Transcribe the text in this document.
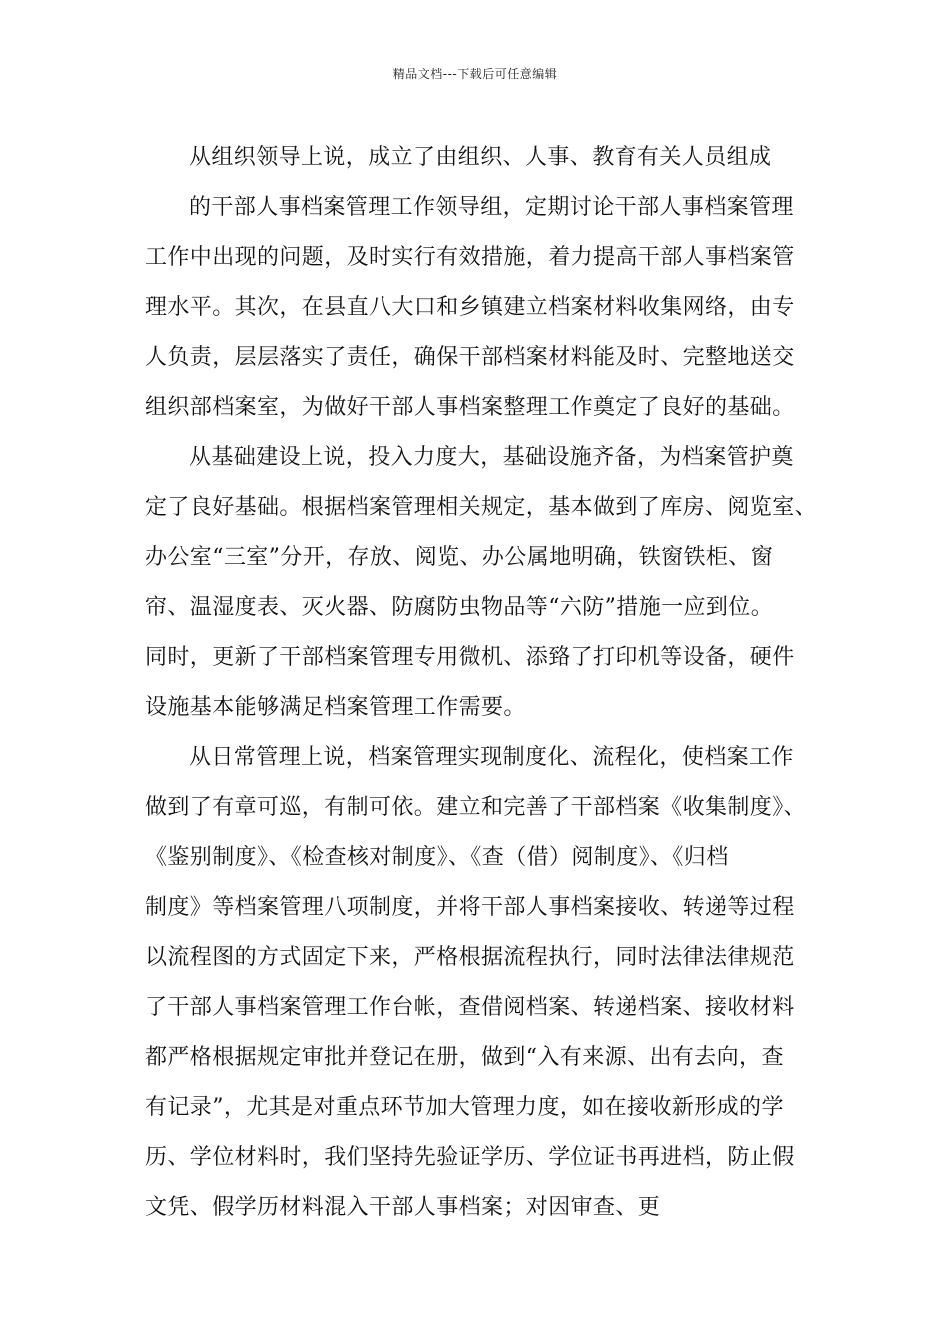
精品文档---下载后可任意编辑
从组织领导上说，成立了由组织、人事、教育有关人员组成
的干部人事档案管理工作领导组，定期讨论干部人事档案管理
工作中出现的问题，及时实行有效措施，着力提高干部人事档案管
理水平。其次，在县直八大口和乡镇建立档案材料收集网络，由专
人负责，层层落实了责任，确保干部档案材料能及时、完整地送交
组织部档案室，为做好干部人事档案整理工作奠定了良好的基础。
从基础建设上说，投入力度大，基础设施齐备，为档案管护奠
定了良好基础。根据档案管理相关规定，基本做到了库房、阅览室、
办公室“三室”分开，存放、阅览、办公属地明确，铁窗铁柜、窗
帘、温湿度表、灭火器、防腐防虫物品等“六防”措施一应到位。
同时，更新了干部档案管理专用微机、添臵了打印机等设备，硬件
设施基本能够满足档案管理工作需要。
从日常管理上说，档案管理实现制度化、流程化，使档案工作
做到了有章可巡，有制可依。建立和完善了干部档案《收集制度》、
《鉴别制度》、《检查核对制度》、《查（借）阅制度》、《归档
制度》等档案管理八项制度，并将干部人事档案接收、转递等过程
以流程图的方式固定下来，严格根据流程执行，同时法律法律规范
了干部人事档案管理工作台帐，查借阅档案、转递档案、接收材料
都严格根据规定审批并登记在册，做到“入有来源、出有去向，查
有记录”，尤其是对重点环节加大管理力度，如在接收新形成的学
历、学位材料时，我们坚持先验证学历、学位证书再进档，防止假
文凭、假学历材料混入干部人事档案；对因审查、更
